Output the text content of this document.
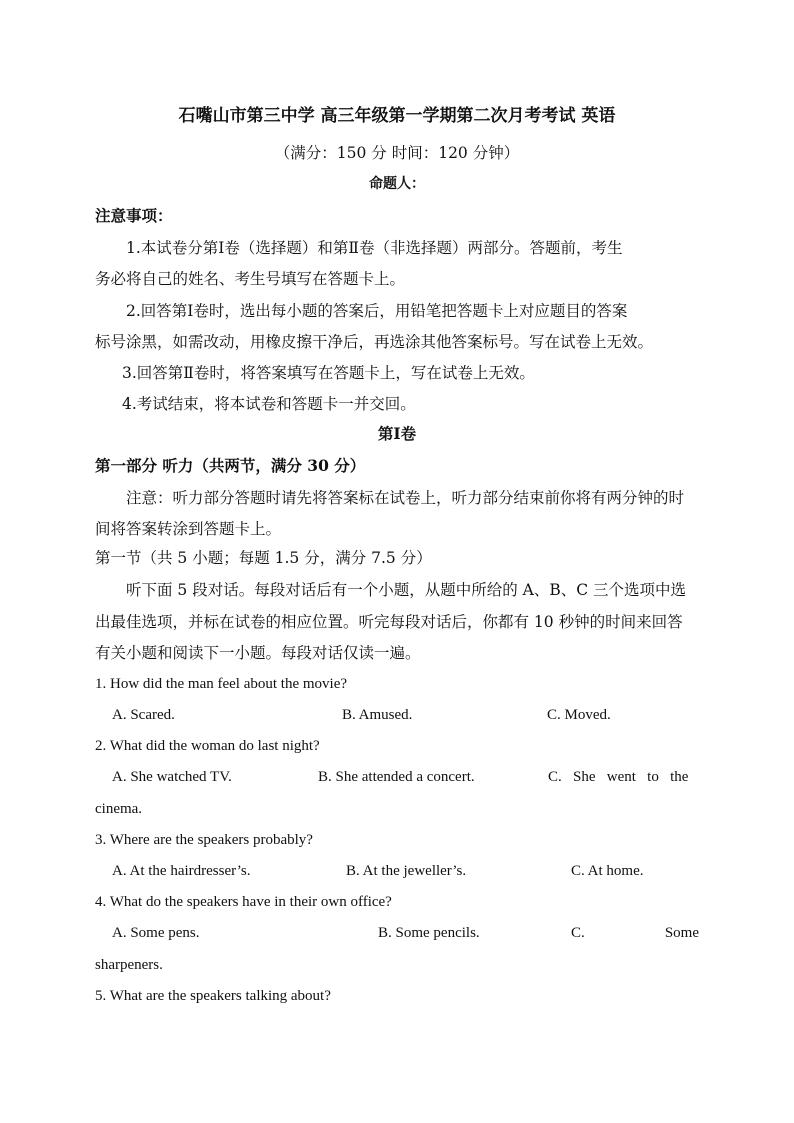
石嘴山市第三中学 高三年级第一学期第二次月考考试 英语
（满分：150 分 时间：120 分钟）
命题人：
注意事项：
1.本试卷分第Ⅰ卷（选择题）和第Ⅱ卷（非选择题）两部分。答题前，考生
务必将自己的姓名、考生号填写在答题卡上。
2.回答第Ⅰ卷时，选出每小题的答案后，用铅笔把答题卡上对应题目的答案
标号涂黑，如需改动，用橡皮擦干净后，再选涂其他答案标号。写在试卷上无效。
3.回答第Ⅱ卷时，将答案填写在答题卡上，写在试卷上无效。
4.考试结束，将本试卷和答题卡一并交回。
第Ⅰ卷
第一部分 听力（共两节，满分 30 分）
注意：听力部分答题时请先将答案标在试卷上，听力部分结束前你将有两分钟的时
间将答案转涂到答题卡上。
第一节（共 5 小题；每题 1.5 分，满分 7.5 分）
听下面 5 段对话。每段对话后有一个小题，从题中所给的 A、B、C 三个选项中选
出最佳选项，并标在试卷的相应位置。听完每段对话后，你都有 10 秒钟的时间来回答
有关小题和阅读下一小题。每段对话仅读一遍。
1. How did the man feel about the movie?
A. Scared.	B. Amused.	C. Moved.
2. What did the woman do last night?
A. She watched TV.	B. She attended a concert.	C.   She   went   to   the
cinema.
3. Where are the speakers probably?
A. At the hairdresser’s.	B. At the jeweller’s.	C. At home.
4. What do the speakers have in their own office?
A. Some pens.	B. Some pencils.	C.	Some
sharpeners.
5. What are the speakers talking about?
